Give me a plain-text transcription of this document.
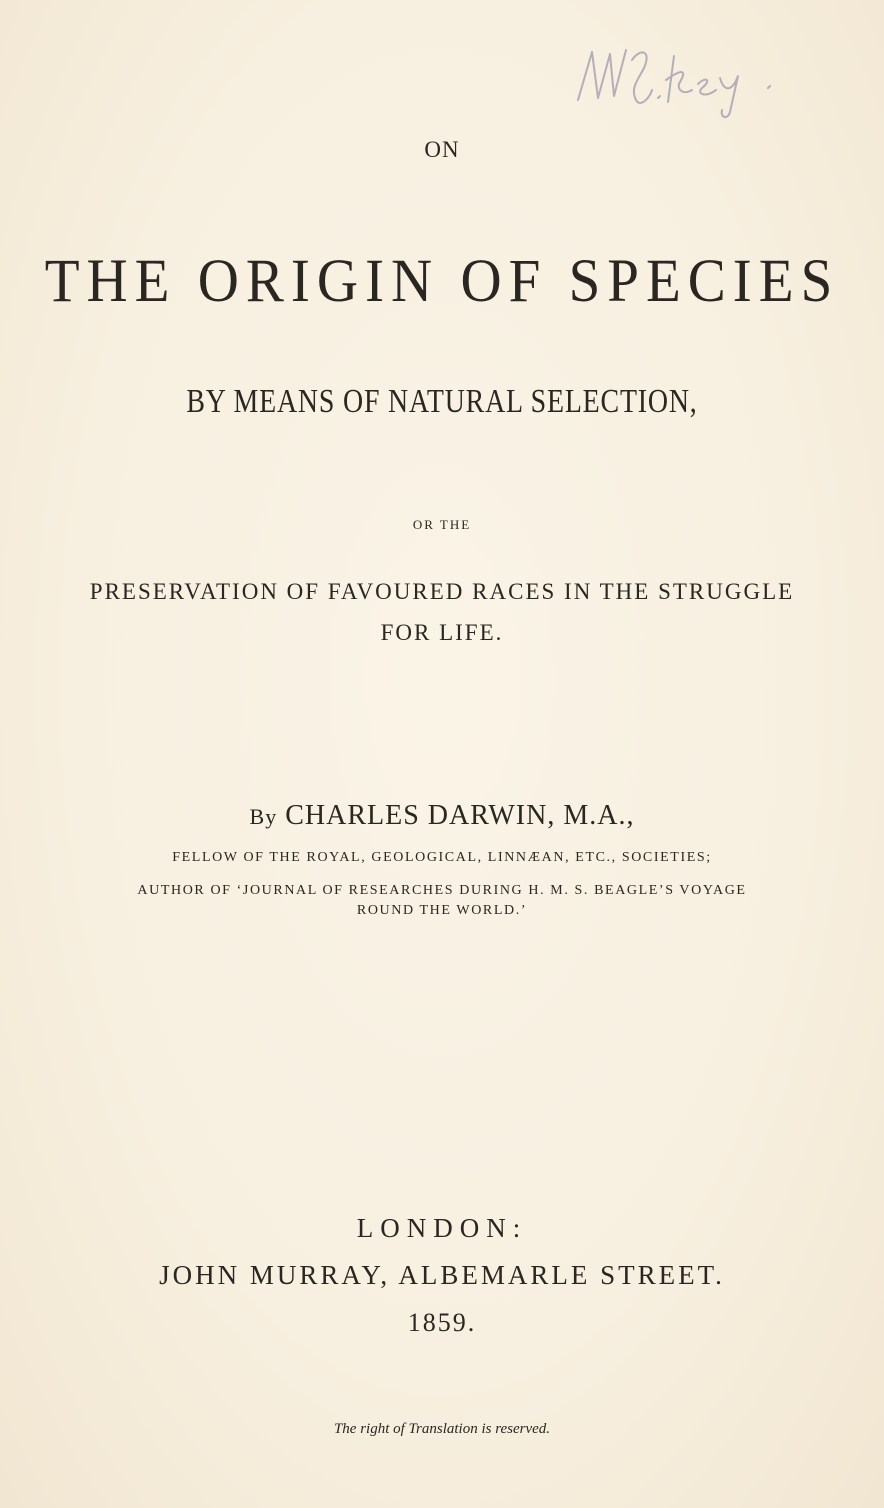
ON
THE ORIGIN OF SPECIES
BY MEANS OF NATURAL SELECTION,
OR THE
PRESERVATION OF FAVOURED RACES IN THE STRUGGLE
FOR LIFE.
By CHARLES DARWIN, M.A.,
FELLOW OF THE ROYAL, GEOLOGICAL, LINNÆAN, ETC., SOCIETIES;
AUTHOR OF ‘JOURNAL OF RESEARCHES DURING H. M. S. BEAGLE’S VOYAGE
ROUND THE WORLD.’
LONDON:
JOHN MURRAY, ALBEMARLE STREET.
1859.
The right of Translation is reserved.
